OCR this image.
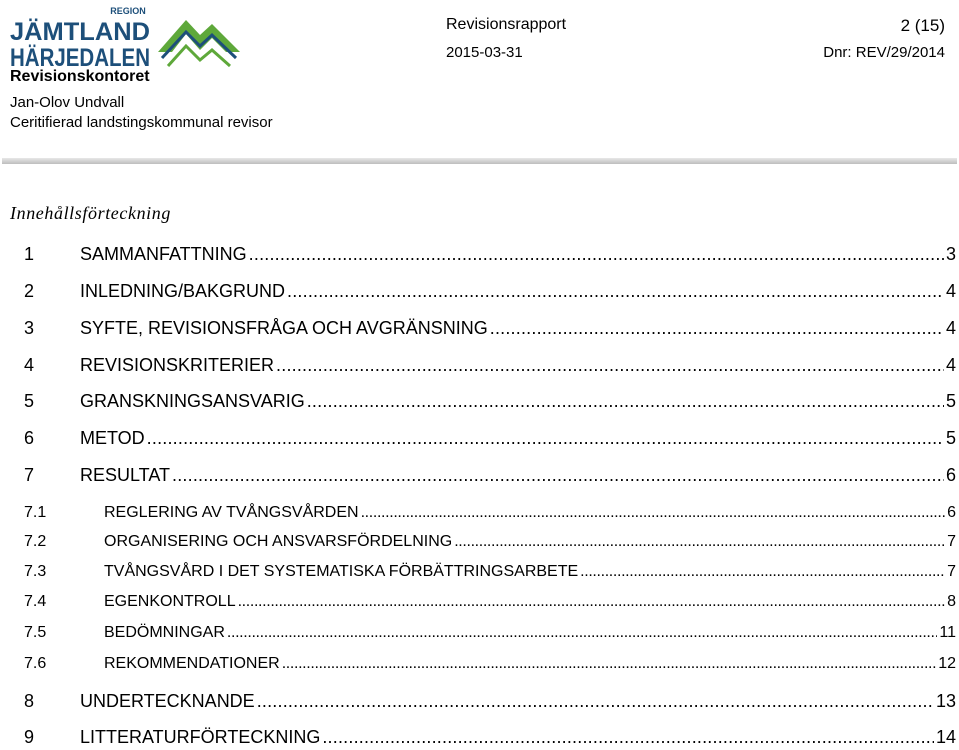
REGION
JÄMTLAND
HÄRJEDALEN
Revisionskontoret
Jan-Olov Undvall
Ceritifierad landstingskommunal revisor
Revisionsrapport	2 (15)
2015-03-31	Dnr: REV/29/2014
Innehållsförteckning
1	SAMMANFATTNING . . .	3
2	INLEDNING/BAKGRUND . . .	4
3	SYFTE, REVISIONSFRÅGA OCH AVGRÄNSNING . . .	4
4	REVISIONSKRITERIER . . .	4
5	GRANSKNINGSANSVARIG . . .	5
6	METOD . . .	5
7	RESULTAT . . .	6
7.1	REGLERING AV TVÅNGSVÅRDEN . . .	6
7.2	ORGANISERING OCH ANSVARSFÖRDELNING . . .	7
7.3	TVÅNGSVÅRD I DET SYSTEMATISKA FÖRBÄTTRINGSARBETE . . .	7
7.4	EGENKONTROLL . . .	8
7.5	BEDÖMNINGAR . . .	11
7.6	REKOMMENDATIONER . . .	12
8	UNDERTECKNANDE . . .	13
9	LITTERATURFÖRTECKNING . . .	14
